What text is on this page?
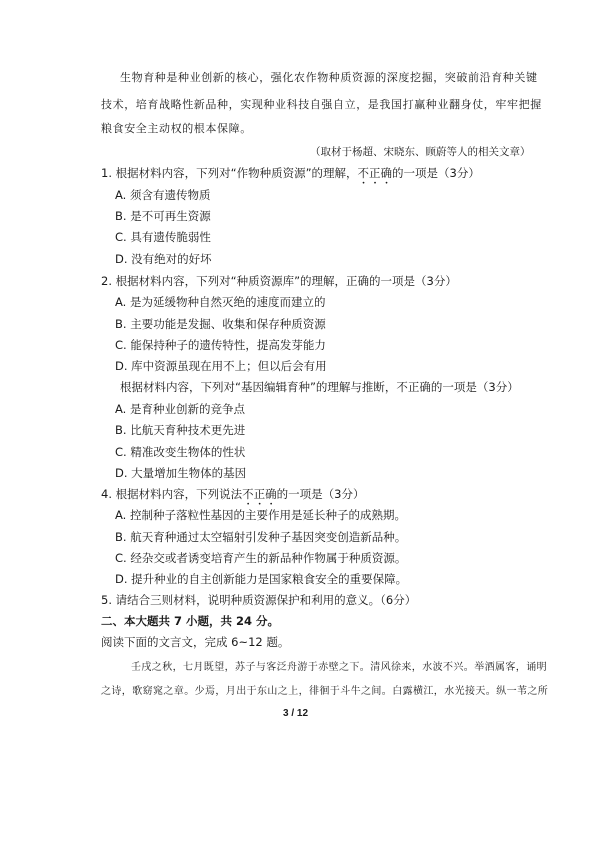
生物育种是种业创新的核心，强化农作物种质资源的深度挖掘，突破前沿育种关键
技术，培育战略性新品种，实现种业科技自强自立，是我国打赢种业翻身仗，牢牢把握
粮食安全主动权的根本保障。
（取材于杨超、宋晓东、顾蔚等人的相关文章）
1. 根据材料内容，下列对“作物种质资源”的理解，不正确的一项是（3分）
A. 须含有遗传物质
B. 是不可再生资源
C. 具有遗传脆弱性
D. 没有绝对的好坏
2. 根据材料内容，下列对“种质资源库”的理解，正确的一项是（3分）
A. 是为延缓物种自然灭绝的速度而建立的
B. 主要功能是发掘、收集和保存种质资源
C. 能保持种子的遗传特性，提高发芽能力
D. 库中资源虽现在用不上；但以后会有用
根据材料内容，下列对“基因编辑育种”的理解与推断，不正确的一项是（3分）
A. 是育种业创新的竞争点
B. 比航天育种技术更先进
C. 精准改变生物体的性状
D. 大量增加生物体的基因
4. 根据材料内容，下列说法不正确的一项是（3分）
A. 控制种子落粒性基因的主要作用是延长种子的成熟期。
B. 航天育种通过太空辐射引发种子基因突变创造新品种。
C. 经杂交或者诱变培育产生的新品种作物属于种质资源。
D. 提升种业的自主创新能力是国家粮食安全的重要保障。
5. 请结合三则材料，说明种质资源保护和利用的意义。（6分）
二、本大题共 7 小题，共 24 分。
阅读下面的文言文，完成 6~12 题。
壬戌之秋，七月既望，苏子与客泛舟游于赤壁之下。清风徐来，水波不兴。举酒属客，诵明
之诗，歌窈窕之章。少焉，月出于东山之上，徘徊于斗牛之间。白露横江，水光接天。纵一苇之所
3 / 12
